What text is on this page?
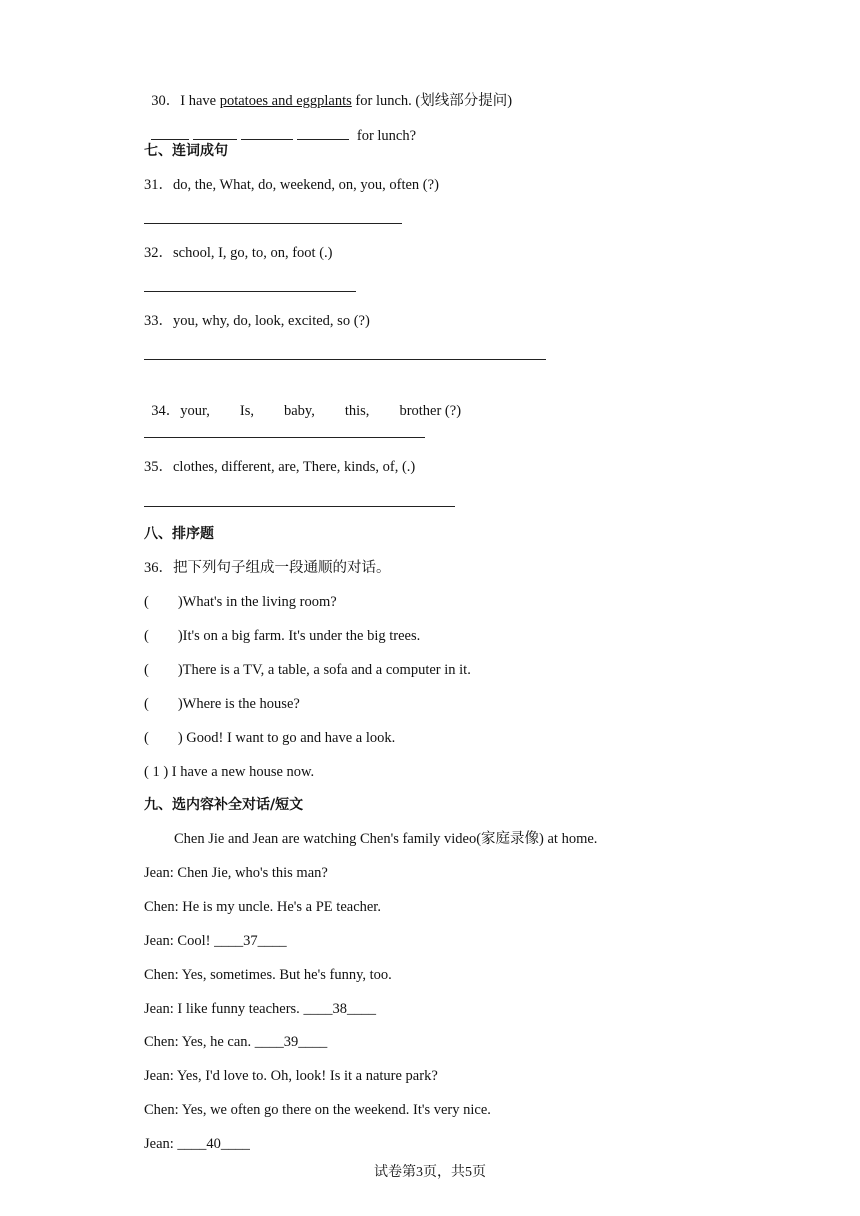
30．I have potatoes and eggplants for lunch. (划线部分提问)

for lunch?

七、连词成句
31．do, the, What, do, weekend, on, you, often (?)
32．school, I, go, to, on, foot (.)
33．you, why, do, look, excited, so (?)

34．your, Is, baby, this, brother (?)

35．clothes, different, are, There, kinds, of, (.)
八、排序题
36．把下列句子组成一段通顺的对话。
(        )What's in the living room?
(        )It's on a big farm. It's under the big trees.
(        )There is a TV, a table, a sofa and a computer in it.
(        )Where is the house?
(        ) Good! I want to go and have a look.
( 1 ) I have a new house now.
九、选内容补全对话/短文
Chen Jie and Jean are watching Chen's family video(家庭录像) at home.
Jean: Chen Jie, who's this man?
Chen: He is my uncle. He's a PE teacher.
Jean: Cool! ____37____
Chen: Yes, sometimes. But he's funny, too.
Jean: I like funny teachers. ____38____
Chen: Yes, he can. ____39____
Jean: Yes, I'd love to. Oh, look! Is it a nature park?
Chen: Yes, we often go there on the weekend. It's very nice.
Jean: ____40____
试卷第3页，共5页
